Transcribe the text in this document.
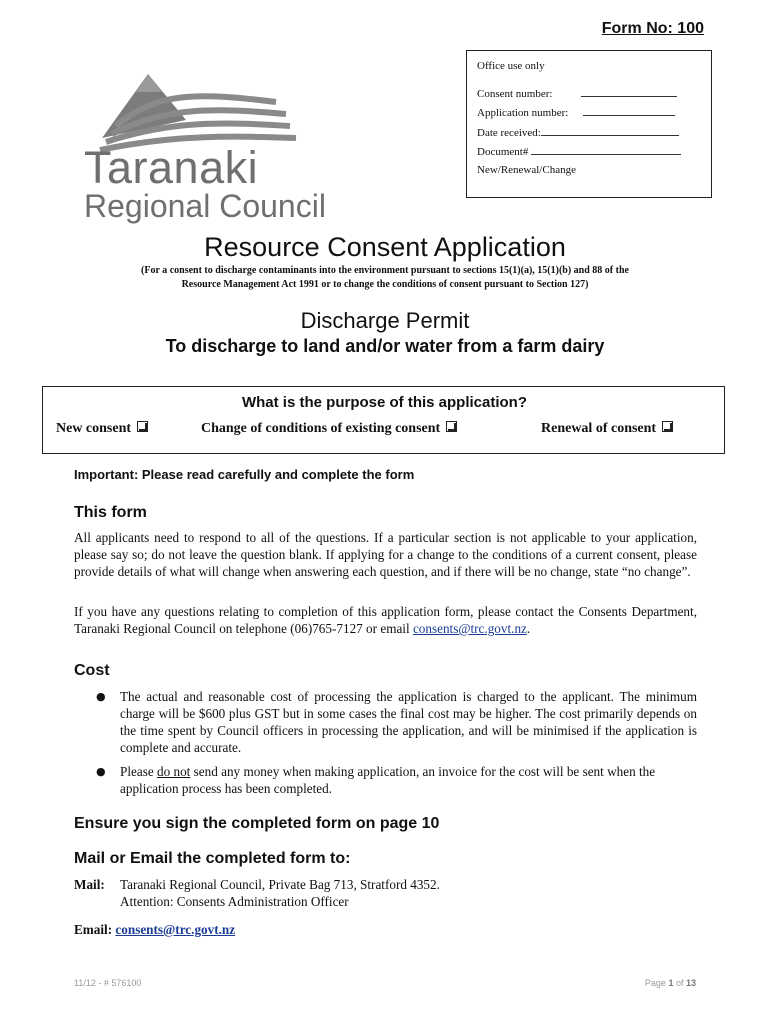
Form No: 100
Taranaki
Regional Council
Office use only
Consent number:
Application number:
Date received:
Document#
New/Renewal/Change
Resource Consent Application
(For a consent to discharge contaminants into the environment pursuant to sections 15(1)(a), 15(1)(b) and 88 of the
Resource Management Act 1991 or to change the conditions of consent pursuant to Section 127)
Discharge Permit
To discharge to land and/or water from a farm dairy
What is the purpose of this application?
New consent	Change of conditions of existing consent	Renewal of consent
Important: Please read carefully and complete the form
This form
All applicants need to respond to all of the questions. If a particular section is not applicable to your application, please say so; do not leave the question blank. If applying for a change to the conditions of a current consent, please provide details of what will change when answering each question, and if there will be no change, state “no change”.
If you have any questions relating to completion of this application form, please contact the Consents Department, Taranaki Regional Council on telephone (06)765-7127 or email consents@trc.govt.nz.
Cost
● The actual and reasonable cost of processing the application is charged to the applicant. The minimum charge will be $600 plus GST but in some cases the final cost may be higher. The cost primarily depends on the time spent by Council officers in processing the application, and will be minimised if the application is complete and accurate.
● Please do not send any money when making application, an invoice for the cost will be sent when the application process has been completed.
Ensure you sign the completed form on page 10
Mail or Email the completed form to:
Mail: Taranaki Regional Council, Private Bag 713, Stratford 4352.
Attention: Consents Administration Officer
Email: consents@trc.govt.nz
11/12 - # 576100	Page 1 of 13
